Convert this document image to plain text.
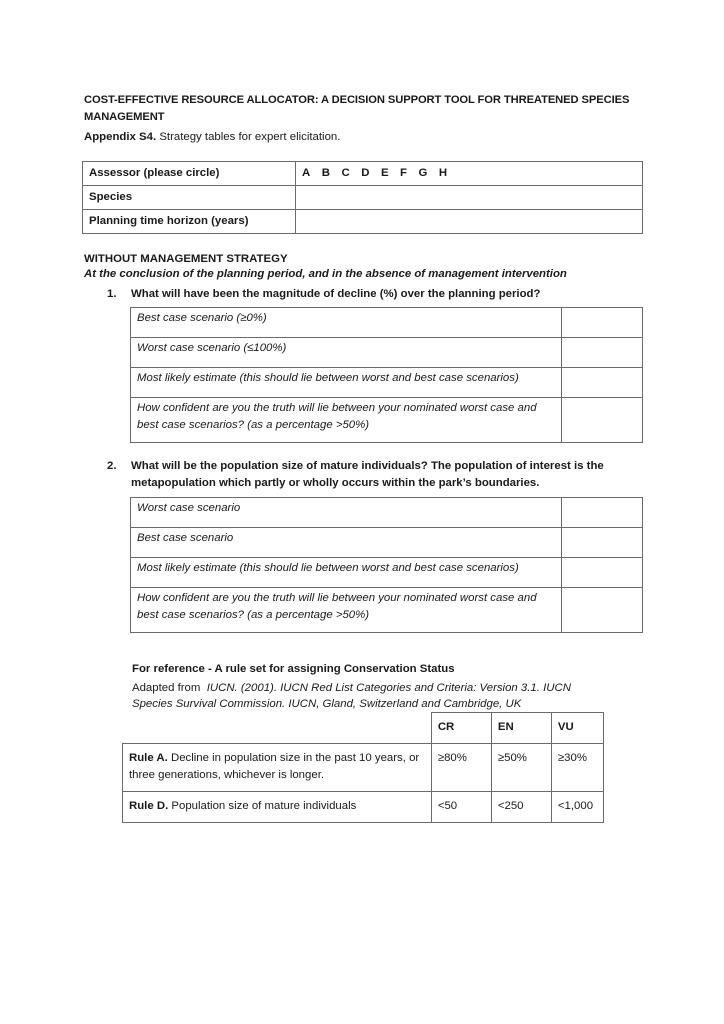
COST-EFFECTIVE RESOURCE ALLOCATOR: A DECISION SUPPORT TOOL FOR THREATENED SPECIES MANAGEMENT
Appendix S4. Strategy tables for expert elicitation.
Assessor (please circle)	A B C D E F G H
Species	
Planning time horizon (years)	
WITHOUT MANAGEMENT STRATEGY
At the conclusion of the planning period, and in the absence of management intervention
1. What will have been the magnitude of decline (%) over the planning period?
Best case scenario (≥0%)	
Worst case scenario (≤100%)	
Most likely estimate (this should lie between worst and best case scenarios)	
How confident are you the truth will lie between your nominated worst case and best case scenarios? (as a percentage >50%)	
2. What will be the population size of mature individuals? The population of interest is the metapopulation which partly or wholly occurs within the park’s boundaries.
Worst case scenario	
Best case scenario	
Most likely estimate (this should lie between worst and best case scenarios)	
How confident are you the truth will lie between your nominated worst case and best case scenarios? (as a percentage >50%)	
For reference - A rule set for assigning Conservation Status
Adapted from  IUCN. (2001). IUCN Red List Categories and Criteria: Version 3.1. IUCN Species Survival Commission. IUCN, Gland, Switzerland and Cambridge, UK
	CR	EN	VU
Rule A. Decline in population size in the past 10 years, or three generations, whichever is longer.	≥80%	≥50%	≥30%
Rule D. Population size of mature individuals	<50	<250	<1,000
